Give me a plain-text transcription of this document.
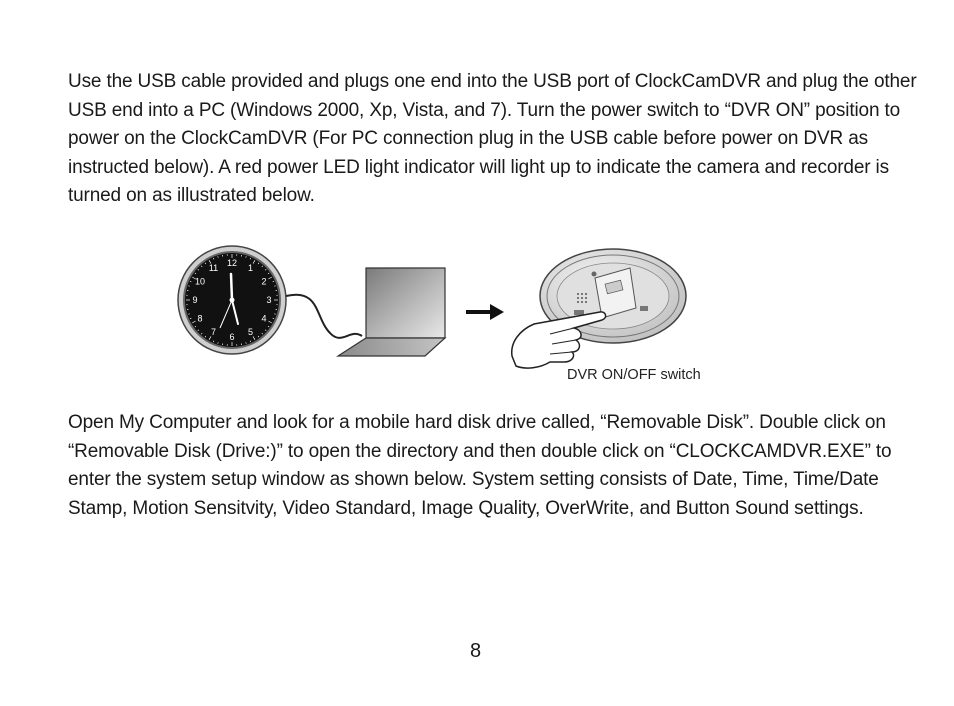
Use the USB cable provided and plugs one end into the USB port of ClockCamDVR and plug the other USB end into a PC (Windows 2000, Xp, Vista, and 7). Turn the power switch to “DVR ON” position to power on the ClockCamDVR (For PC connection plug in the USB cable before power on DVR as instructed below). A red power LED light indicator will light up to indicate the camera and recorder is turned on as illustrated below.

12 1
2
3
4
5
6
7
8
9
10
11
DVR ON/OFF switch

Open My Computer and look for a mobile hard disk drive called, “Removable Disk”. Double click on “Removable Disk (Drive:)” to open the directory and then double click on “CLOCKCAMDVR.EXE” to enter the system setup window as shown below. System setting consists of Date, Time, Time/Date Stamp, Motion Sensitvity, Video Standard, Image Quality, OverWrite, and Button Sound settings.

8
